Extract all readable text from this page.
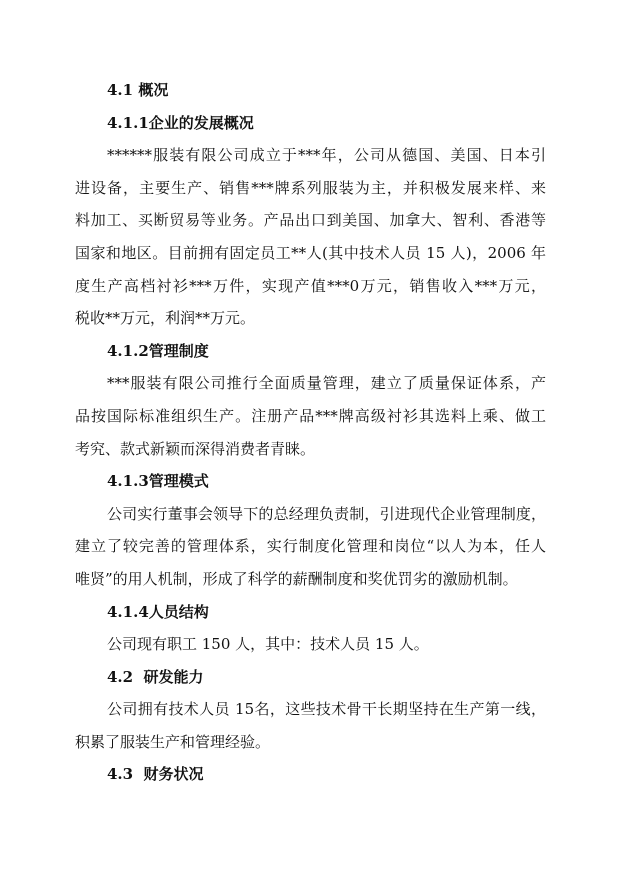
4.1 概况
4.1.1企业的发展概况
******服装有限公司成立于***年，公司从德国、美国、日本引
进设备，主要生产、销售***牌系列服装为主，并积极发展来样、来
料加工、买断贸易等业务。产品出口到美国、加拿大、智利、香港等
国家和地区。目前拥有固定员工**人(其中技术人员 15 人)，2006 年
度生产高档衬衫***万件，实现产值***0万元，销售收入***万元，
税收**万元，利润**万元。
4.1.2管理制度
***服装有限公司推行全面质量管理，建立了质量保证体系，产
品按国际标准组织生产。注册产品***牌高级衬衫其选料上乘、做工
考究、款式新颖而深得消费者青睐。
4.1.3管理模式
公司实行董事会领导下的总经理负责制，引进现代企业管理制度，
建立了较完善的管理体系，实行制度化管理和岗位“以人为本，任人
唯贤”的用人机制，形成了科学的薪酬制度和奖优罚劣的激励机制。
4.1.4人员结构
公司现有职工 150 人，其中：技术人员 15 人。
4.2  研发能力
公司拥有技术人员 15名，这些技术骨干长期坚持在生产第一线，
积累了服装生产和管理经验。
4.3  财务状况
